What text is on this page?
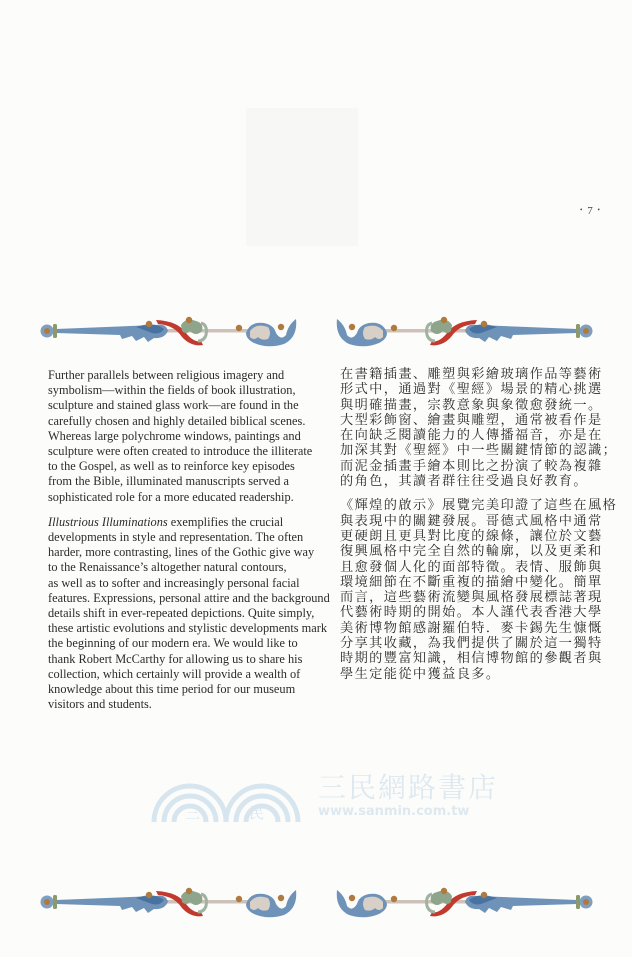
• 7 •

Further parallels between religious imagery and
symbolism—within the fields of book illustration,
sculpture and stained glass work—are found in the
carefully chosen and highly detailed biblical scenes.
Whereas large polychrome windows, paintings and
sculpture were often created to introduce the illiterate
to the Gospel, as well as to reinforce key episodes
from the Bible, illuminated manuscripts served a
sophisticated role for a more educated readership.

Illustrious Illuminations exemplifies the crucial
developments in style and representation. The often
harder, more contrasting, lines of the Gothic give way
to the Renaissance’s altogether natural contours,
as well as to softer and increasingly personal facial
features. Expressions, personal attire and the background
details shift in ever-repeated depictions. Quite simply,
these artistic evolutions and stylistic developments mark
the beginning of our modern era. We would like to
thank Robert McCarthy for allowing us to share his
collection, which certainly will provide a wealth of
knowledge about this time period for our museum
visitors and students.

在書籍插畫、雕塑與彩繪玻璃作品等藝術
形式中，通過對《聖經》場景的精心挑選
與明確描畫，宗教意象與象徵愈發統一。
大型彩飾窗、繪畫與雕塑，通常被看作是
在向缺乏閱讀能力的人傳播福音，亦是在
加深其對《聖經》中一些關鍵情節的認識；
而泥金插畫手繪本則比之扮演了較為複雜
的角色，其讀者群往往受過良好教育。

《輝煌的啟示》展覽完美印證了這些在風格
與表現中的關鍵發展。哥德式風格中通常
更硬朗且更具對比度的線條，讓位於文藝
復興風格中完全自然的輪廓，以及更柔和
且愈發個人化的面部特徵。表情、服飾與
環境細節在不斷重複的描繪中變化。簡單
而言，這些藝術流變與風格發展標誌著現
代藝術時期的開始。本人謹代表香港大學
美術博物館感謝羅伯特．麥卡錫先生慷慨
分享其收藏，為我們提供了關於這一獨特
時期的豐富知識，相信博物館的參觀者與
學生定能從中獲益良多。

三	民
三民網路書店
www.sanmin.com.tw
